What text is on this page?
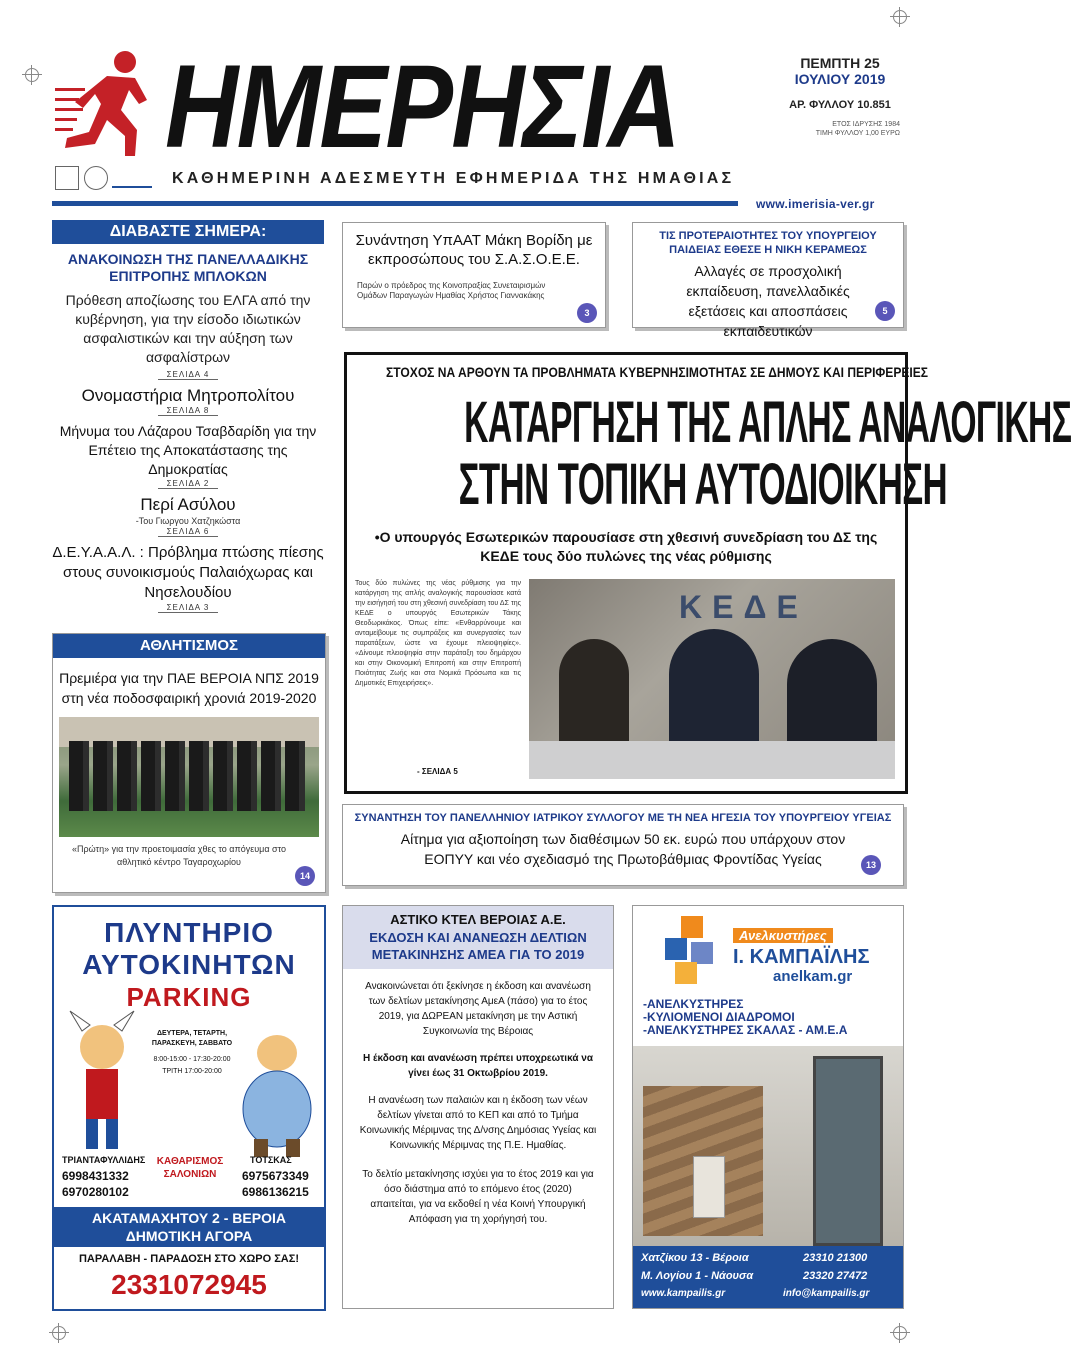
ΗΜΕΡΗΣΙΑ
ΚΑΘΗΜΕΡΙΝΗ ΑΔΕΣΜΕΥΤΗ ΕΦΗΜΕΡΙΔΑ ΤΗΣ ΗΜΑΘΙΑΣ
ΠΕΜΠΤΗ 25
ΙΟΥΛΙΟΥ 2019
ΑΡ. ΦΥΛΛΟΥ 10.851
ΕΤΟΣ ΙΔΡΥΣΗΣ 1984
ΤΙΜΗ ΦΥΛΛΟΥ 1,00 ΕΥΡΩ
www.imerisia-ver.gr
ΔΙΑΒΑΣΤΕ ΣΗΜΕΡΑ:
ΑΝΑΚΟΙΝΩΣΗ ΤΗΣ ΠΑΝΕΛΛΑΔΙΚΗΣ ΕΠΙΤΡΟΠΗΣ ΜΠΛΟΚΩΝ
Πρόθεση αποζίωσης του ΕΛΓΑ από την κυβέρνηση, για την είσοδο ιδιωτικών ασφαλιστικών και την αύξηση των ασφαλίστρων
ΣΕΛΙΔΑ 4
Ονομαστήρια Μητροπολίτου
ΣΕΛΙΔΑ 8
Μήνυμα του Λάζαρου Τσαβδαρίδη για την Επέτειο της Αποκατάστασης της Δημοκρατίας
ΣΕΛΙΔΑ 2
Περί Ασύλου
-Του Γιωργου Χατζηκώστα
ΣΕΛΙΔΑ 6
Δ.Ε.Υ.Α.Α.Λ. : Πρόβλημα πτώσης πίεσης στους συνοικισμούς Παλαιόχωρας και Νησελουδίου
ΣΕΛΙΔΑ 3
ΑΘΛΗΤΙΣΜΟΣ
Πρεμιέρα για την ΠΑΕ ΒΕΡΟΙΑ ΝΠΣ 2019 στη νέα ποδοσφαιρική χρονιά 2019-2020
«Πρώτη» για την προετοιμασία χθες το απόγευμα στο αθλητικό κέντρο Ταγαροχωρίου
14
Συνάντηση ΥπΑΑΤ Μάκη Βορίδη με εκπροσώπους του Σ.Α.Σ.Ο.Ε.Ε.
Παρών ο πρόεδρος της Κοινοπραξίας Συνεταιρισμών Ομάδων Παραγωγών Ημαθίας Χρήστος Γιαννακάκης
3
ΤΙΣ ΠΡΟΤΕΡΑΙΟΤΗΤΕΣ ΤΟΥ ΥΠΟΥΡΓΕΙΟΥ ΠΑΙΔΕΙΑΣ ΕΘΕΣΕ Η ΝΙΚΗ ΚΕΡΑΜΕΩΣ
Αλλαγές σε προσχολική εκπαίδευση, πανελλαδικές εξετάσεις και αποσπάσεις εκπαιδευτικών
5
ΣΤΟΧΟΣ ΝΑ ΑΡΘΟΥΝ ΤΑ ΠΡΟΒΛΗΜΑΤΑ ΚΥΒΕΡΝΗΣΙΜΟΤΗΤΑΣ ΣΕ ΔΗΜΟΥΣ ΚΑΙ ΠΕΡΙΦΕΡΕΙΕΣ
ΚΑΤΑΡΓΗΣΗ ΤΗΣ ΑΠΛΗΣ ΑΝΑΛΟΓΙΚΗΣ
ΣΤΗΝ ΤΟΠΙΚΗ ΑΥΤΟΔΙΟΙΚΗΣΗ
•Ο υπουργός Εσωτερικών παρουσίασε στη χθεσινή συνεδρίαση του ΔΣ της ΚΕΔΕ τους δύο πυλώνες της νέας ρύθμισης
Τους δύο πυλώνες της νέας ρύθμισης για την κατάργηση της απλής αναλογικής παρουσίασε κατά την εισήγησή του στη χθεσινή συνεδρίαση του ΔΣ της ΚΕΔΕ ο υπουργός Εσωτερικών Τάκης Θεοδωρικάκος. Όπως είπε: «Ενθαρρύνουμε και ανταμείβουμε τις συμπράξεις και συνεργασίες των παρατάξεων, ώστε να έχουμε πλειοψηφίες». «Δίνουμε πλειοψηφία στην παράταξη του δημάρχου και στην Οικονομική Επιτροπή και στην Επιτροπή Ποιότητας Ζωής και στα Νομικά Πρόσωπα και τις Δημοτικές Επιχειρήσεις».
- ΣΕΛΙΔΑ 5
ΚΕΔΕ
ΣΥΝΑΝΤΗΣΗ ΤΟΥ ΠΑΝΕΛΛΗΝΙΟΥ ΙΑΤΡΙΚΟΥ ΣΥΛΛΟΓΟΥ ΜΕ ΤΗ ΝΕΑ ΗΓΕΣΙΑ ΤΟΥ ΥΠΟΥΡΓΕΙΟΥ ΥΓΕΙΑΣ
Αίτημα για αξιοποίηση των διαθέσιμων 50 εκ. ευρώ που υπάρχουν στον ΕΟΠΥΥ και νέο σχεδιασμό της Πρωτοβάθμιας Φροντίδας Υγείας	13
ΠΛΥΝΤΗΡΙΟ
ΑΥΤΟΚΙΝΗΤΩΝ
PARKING
ΔΕΥΤΕΡΑ, ΤΕΤΑΡΤΗ, ΠΑΡΑΣΚΕΥΗ, ΣΑΒΒΑΤΟ
8:00-15:00 - 17:30-20:00
ΤΡΙΤΗ 17:00-20:00
ΤΡΙΑΝΤΑΦΥΛΛΙΔΗΣ
6998431332
6970280102
ΚΑΘΑΡΙΣΜΟΣ ΣΑΛΟΝΙΩΝ
ΤΟΤΣΚΑΣ
6975673349
6986136215
ΑΚΑΤΑΜΑΧΗΤΟΥ 2 - ΒΕΡΟΙΑ ΔΗΜΟΤΙΚΗ ΑΓΟΡΑ
ΠΑΡΑΛΑΒΗ - ΠΑΡΑΔΟΣΗ ΣΤΟ ΧΩΡΟ ΣΑΣ!
2331072945
ΑΣΤΙΚΟ ΚΤΕΛ ΒΕΡΟΙΑΣ Α.Ε.
ΕΚΔΟΣΗ ΚΑΙ ΑΝΑΝΕΩΣΗ ΔΕΛΤΙΩΝ ΜΕΤΑΚΙΝΗΣΗΣ ΑΜΕΑ ΓΙΑ ΤΟ 2019
Ανακοινώνεται ότι ξεκίνησε η έκδοση και ανανέωση των δελτίων μετακίνησης ΑμεΑ (πάσο) για το έτος 2019, για ΔΩΡΕΑΝ μετακίνηση με την Αστική Συγκοινωνία της Βέροιας
Η έκδοση και ανανέωση πρέπει υποχρεωτικά να γίνει έως 31 Οκτωβρίου 2019.
Η ανανέωση των παλαιών και η έκδοση των νέων δελτίων γίνεται από το ΚΕΠ και από το Τμήμα Κοινωνικής Μέριμνας της Δ/νσης Δημόσιας Υγείας και Κοινωνικής Μέριμνας της Π.Ε. Ημαθίας.
Το δελτίο μετακίνησης ισχύει για το έτος 2019 και για όσο διάστημα από το επόμενο έτος (2020) απαιτείται, για να εκδοθεί η νέα Κοινή Υπουργική Απόφαση για τη χορήγησή του.
Ανελκυστήρες
Ι. ΚΑΜΠΑΪΛΗΣ
anelkam.gr
-ΑΝΕΛΚΥΣΤΗΡΕΣ
-ΚΥΛΙΟΜΕΝΟΙ ΔΙΑΔΡΟΜΟΙ
-ΑΝΕΛΚΥΣΤΗΡΕΣ ΣΚΑΛΑΣ - ΑΜ.Ε.Α
Χατζίκου 13 - Βέροια	23310 21300
Μ. Λογίου 1 - Νάουσα	23320 27472
www.kampailis.gr	info@kampailis.gr
